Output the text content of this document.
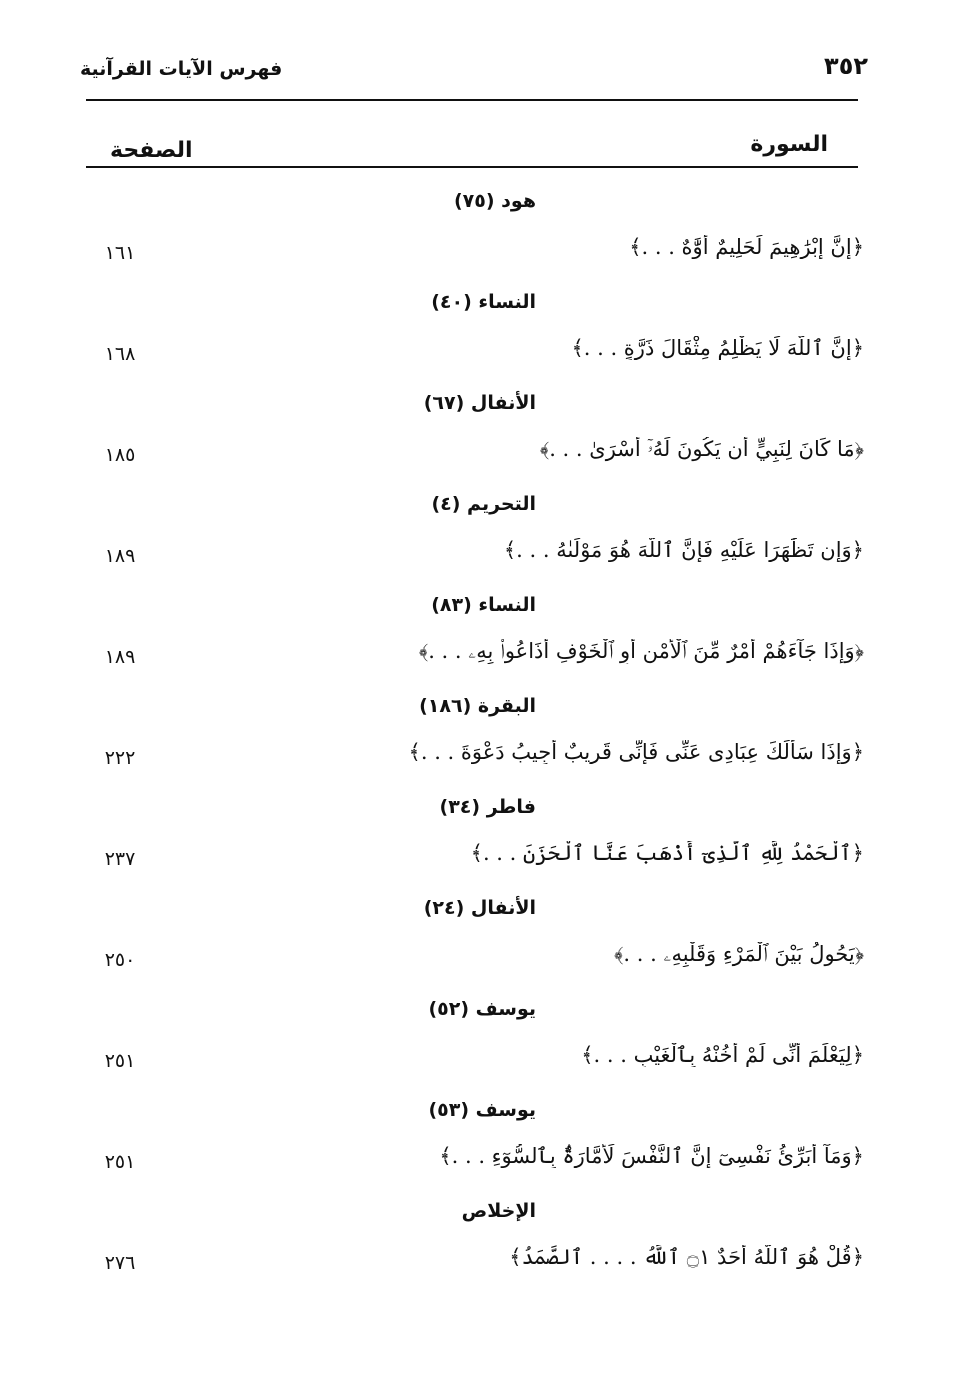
٣٥٢
فهرس الآيات القرآنية
السورة
الصفحة
هود (٧٥)
﴿إِنَّ إِبْرَٰهِيمَ لَحَلِيمٌ أَوَّٰهٌ . . .﴾
١٦١
النساء (٤٠)
﴿إِنَّ ٱللَّهَ لَا يَظْلِمُ مِثْقَالَ ذَرَّةٍ . . .﴾
١٦٨
الأنفال (٦٧)
﴿مَا كَانَ لِنَبِيٍّ أَن يَكُونَ لَهُۥٓ أَسْرَىٰ . . .﴾
١٨٥
التحريم (٤)
﴿وَإِن تَظَٰهَرَا عَلَيْهِ فَإِنَّ ٱللَّهَ هُوَ مَوْلَىٰهُ . . .﴾
١٨٩
النساء (٨٣)
﴿وَإِذَا جَآءَهُمْ أَمْرٌ مِّنَ ٱلْأَمْنِ أَوِ ٱلْخَوْفِ أَذَاعُوا۟ بِهِۦ . . .﴾
١٨٩
البقرة (١٨٦)
﴿وَإِذَا سَأَلَكَ عِبَادِى عَنِّى فَإِنِّى قَرِيبٌ أُجِيبُ دَعْوَةَ . . .﴾
٢٢٢
فاطر (٣٤)
﴿ٱلْحَمْدُ لِلَّهِ ٱلَّذِىٓ أَذْهَبَ عَنَّا ٱلْحَزَنَ . . .﴾
٢٣٧
الأنفال (٢٤)
﴿يَحُولُ بَيْنَ ٱلْمَرْءِ وَقَلْبِهِۦ . . .﴾
٢٥٠
يوسف (٥٢)
﴿لِيَعْلَمَ أَنِّى لَمْ أَخُنْهُ بِٱلْغَيْبِ . . .﴾
٢٥١
يوسف (٥٣)
﴿وَمَآ أُبَرِّئُ نَفْسِىٓ إِنَّ ٱلنَّفْسَ لَأَمَّارَةٌۢ بِٱلسُّوٓءِ . . .﴾
٢٥١
الإخلاص
﴿قُلْ هُوَ ٱللَّهُ أَحَدٌ ۝١ ٱللَّهُ . . . . ٱلصَّمَدُ﴾
٢٧٦
